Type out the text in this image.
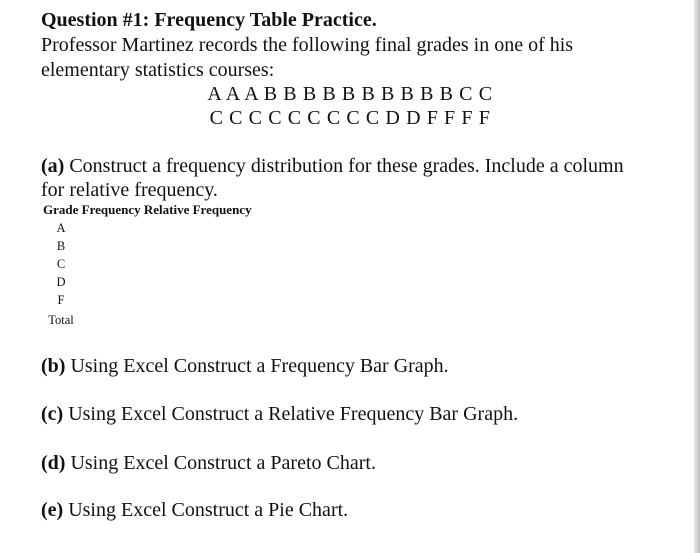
Question #1: Frequency Table Practice.
Professor Martinez records the following final grades in one of his
elementary statistics courses:
A A A B B B B B B B B B B C C
C C C C C C C C C D D F F F F
(a) Construct a frequency distribution for these grades. Include a column
for relative frequency.
Grade Frequency Relative Frequency
A
B
C
D
F
Total
(b) Using Excel Construct a Frequency Bar Graph.
(c) Using Excel Construct a Relative Frequency Bar Graph.
(d) Using Excel Construct a Pareto Chart.
(e) Using Excel Construct a Pie Chart.
